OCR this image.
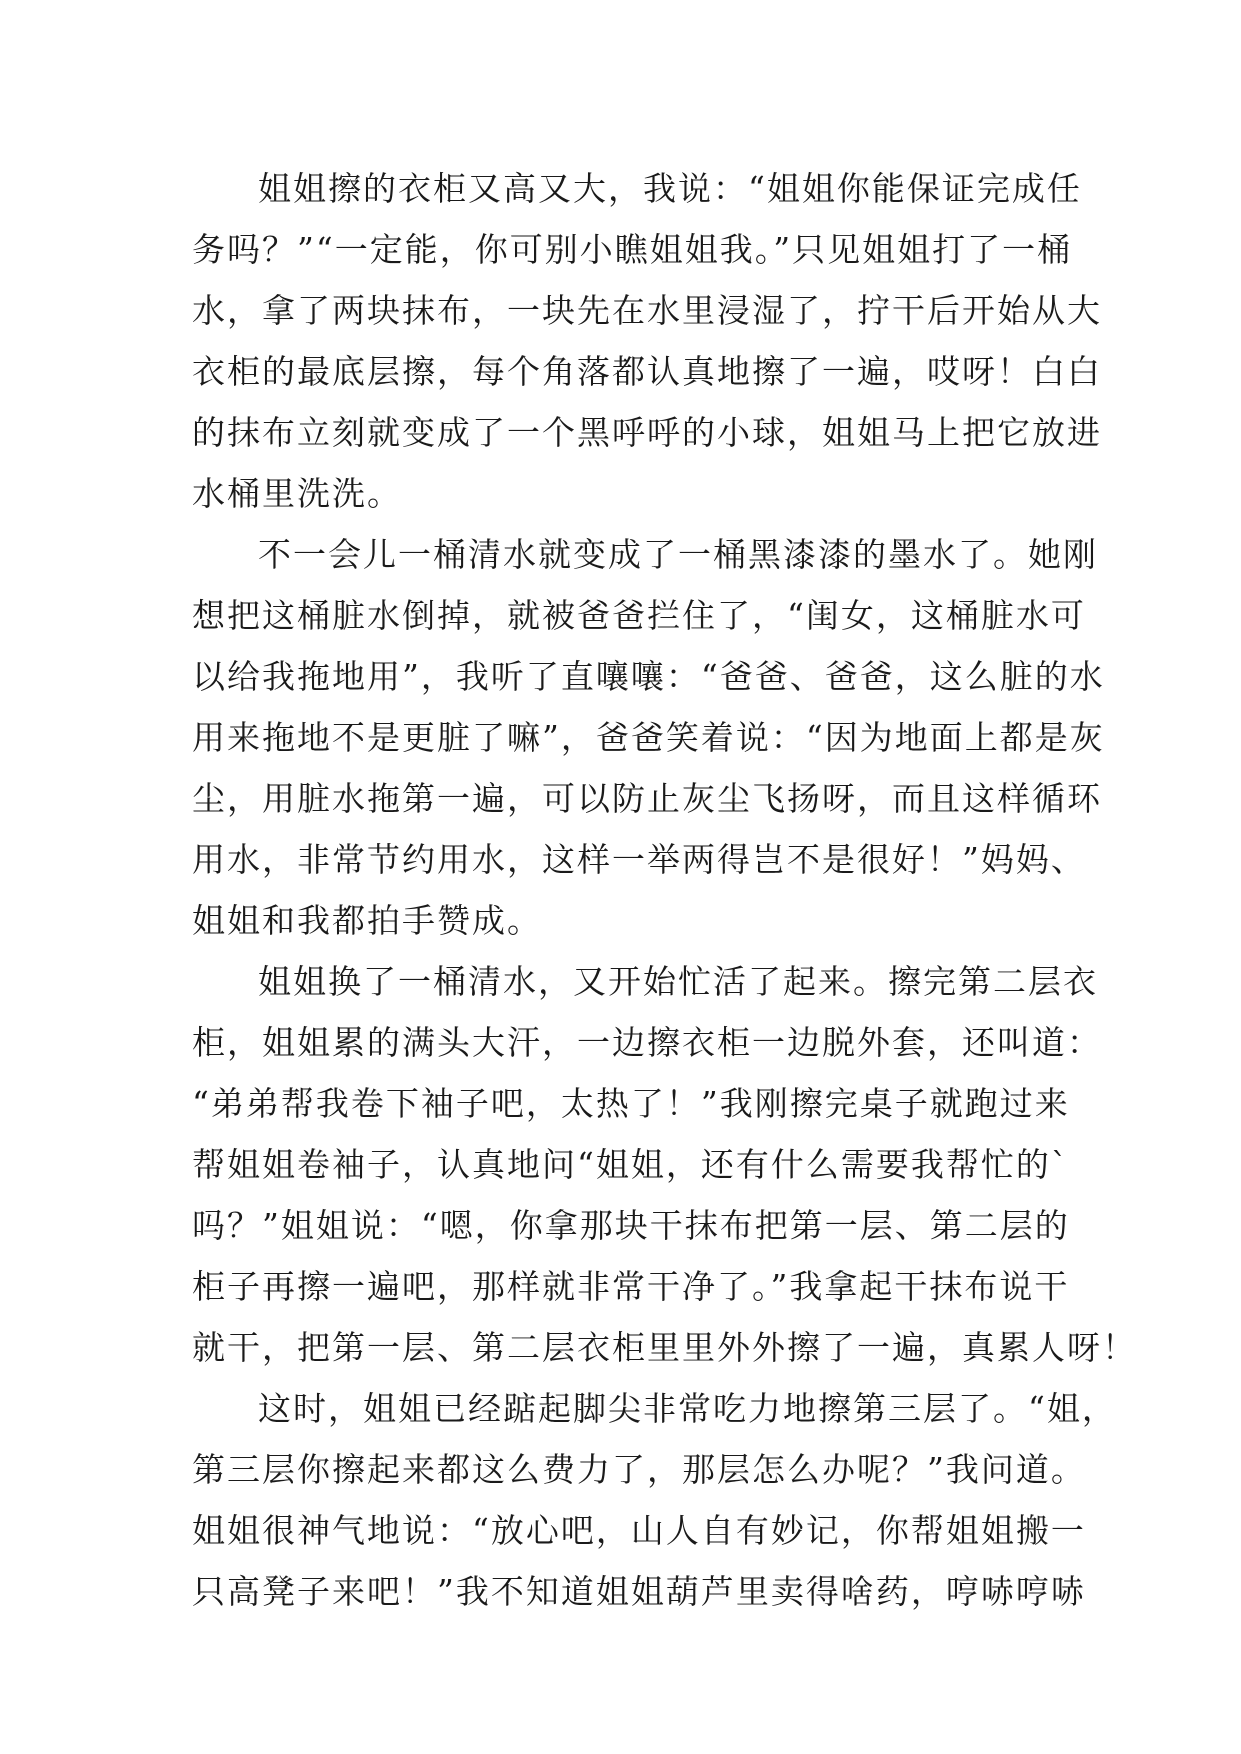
姐姐擦的衣柜又高又大，我说：“姐姐你能保证完成任
务吗？”“一定能，你可别小瞧姐姐我。”只见姐姐打了一桶
水，拿了两块抹布，一块先在水里浸湿了，拧干后开始从大
衣柜的最底层擦，每个角落都认真地擦了一遍，哎呀！白白
的抹布立刻就变成了一个黑呼呼的小球，姐姐马上把它放进
水桶里洗洗。
不一会儿一桶清水就变成了一桶黑漆漆的墨水了。她刚
想把这桶脏水倒掉，就被爸爸拦住了，“闺女，这桶脏水可
以给我拖地用”，我听了直嚷嚷：“爸爸、爸爸，这么脏的水
用来拖地不是更脏了嘛”，爸爸笑着说：“因为地面上都是灰
尘，用脏水拖第一遍，可以防止灰尘飞扬呀，而且这样循环
用水，非常节约用水，这样一举两得岂不是很好！”妈妈、
姐姐和我都拍手赞成。
姐姐换了一桶清水，又开始忙活了起来。擦完第二层衣
柜，姐姐累的满头大汗，一边擦衣柜一边脱外套，还叫道：
“弟弟帮我卷下袖子吧，太热了！”我刚擦完桌子就跑过来
帮姐姐卷袖子，认真地问“姐姐，还有什么需要我帮忙的`
吗？”姐姐说：“嗯，你拿那块干抹布把第一层、第二层的
柜子再擦一遍吧，那样就非常干净了。”我拿起干抹布说干
就干，把第一层、第二层衣柜里里外外擦了一遍，真累人呀！
这时，姐姐已经踮起脚尖非常吃力地擦第三层了。“姐，
第三层你擦起来都这么费力了，那层怎么办呢？”我问道。
姐姐很神气地说：“放心吧，山人自有妙记，你帮姐姐搬一
只高凳子来吧！”我不知道姐姐葫芦里卖得啥药，哼哧哼哧
